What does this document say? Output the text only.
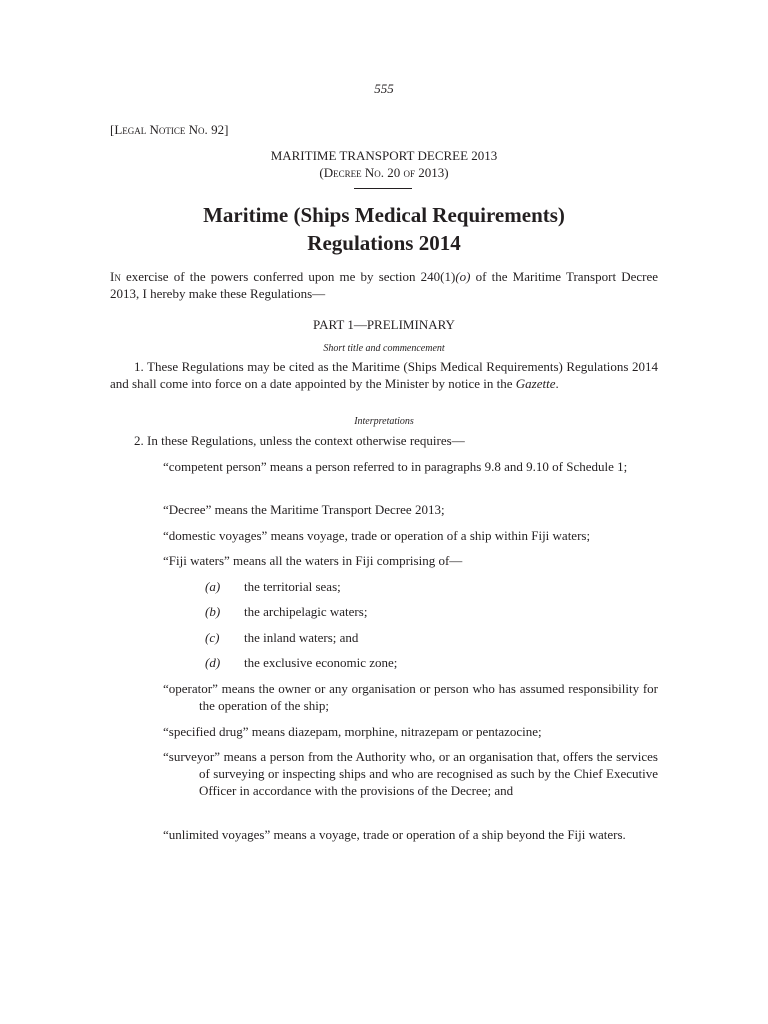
555
[Legal Notice No. 92]
MARITIME TRANSPORT DECREE 2013
(Decree No. 20 of 2013)
Maritime (Ships Medical Requirements)
Regulations 2014
In exercise of the powers conferred upon me by section 240(1)(o) of the Maritime Transport Decree 2013, I hereby make these Regulations—
PART 1—PRELIMINARY
Short title and commencement
1. These Regulations may be cited as the Maritime (Ships Medical Requirements) Regulations 2014 and shall come into force on a date appointed by the Minister by notice in the Gazette.
Interpretations
2. In these Regulations, unless the context otherwise requires—
“competent person” means a person referred to in paragraphs 9.8 and 9.10 of Schedule 1;
“Decree” means the Maritime Transport Decree 2013;
“domestic voyages” means voyage, trade or operation of a ship within Fiji waters;
“Fiji waters” means all the waters in Fiji comprising of—
(a) the territorial seas;
(b) the archipelagic waters;
(c) the inland waters; and
(d) the exclusive economic zone;
“operator” means the owner or any organisation or person who has assumed responsibility for the operation of the ship;
“specified drug” means diazepam, morphine, nitrazepam or pentazocine;
“surveyor” means a person from the Authority who, or an organisation that, offers the services of surveying or inspecting ships and who are recognised as such by the Chief Executive Officer in accordance with the provisions of the Decree; and
“unlimited voyages” means a voyage, trade or operation of a ship beyond the Fiji waters.
